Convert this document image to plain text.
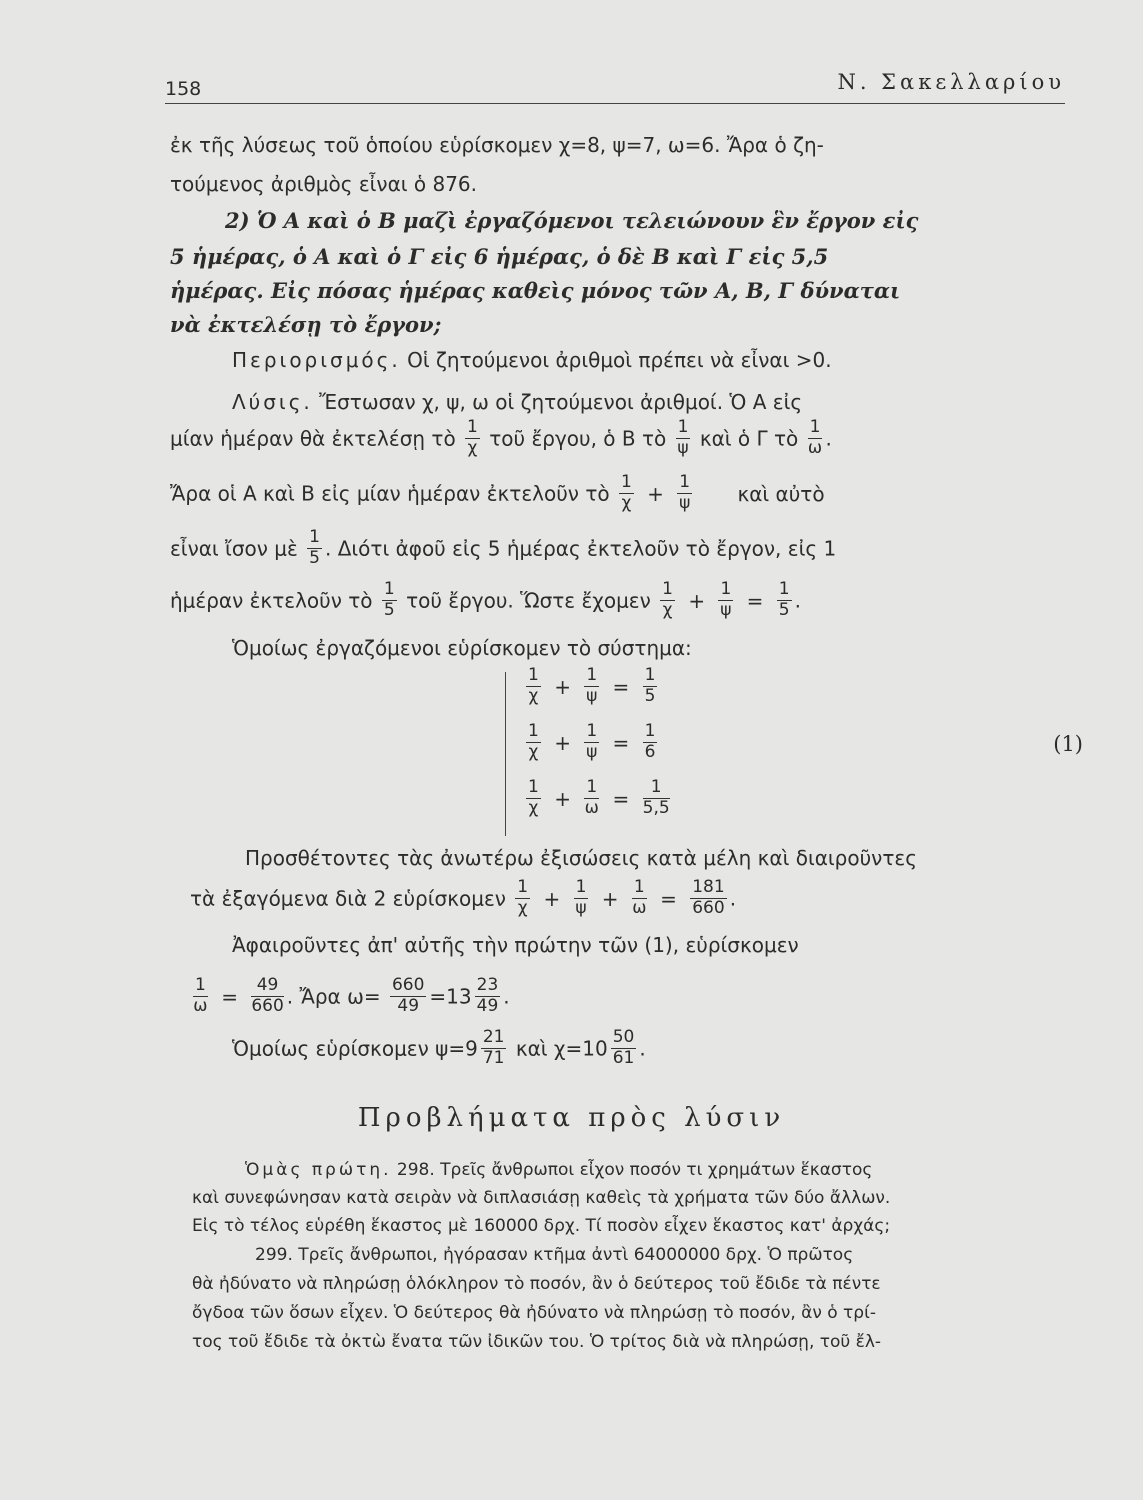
158	Ν. Σακελλαρίου
ἐκ τῆς λύσεως τοῦ ὁποίου εὑρίσκομεν χ=8, ψ=7, ω=6. Ἄρα ὁ ζη-
τούμενος ἀριθμὸς εἶναι ὁ 876.
2) Ὁ Α καὶ ὁ Β μαζὶ ἐργαζόμενοι τελειώνουν ἓν ἔργον εἰς
5 ἡμέρας, ὁ Α καὶ ὁ Γ εἰς 6 ἡμέρας, ὁ δὲ Β καὶ Γ εἰς 5,5
ἡμέρας. Εἰς πόσας ἡμέρας καθεὶς μόνος τῶν Α, Β, Γ δύναται
νὰ ἐκτελέσῃ τὸ ἔργον;
Περιορισμός. Οἱ ζητούμενοι ἀριθμοὶ πρέπει νὰ εἶναι >0.
Λύσις. Ἔστωσαν χ, ψ, ω οἱ ζητούμενοι ἀριθμοί. Ὁ Α εἰς
μίαν ἡμέραν θὰ ἐκτελέσῃ τὸ $\frac{1}{\chi}$ τοῦ ἔργου, ὁ Β τὸ $\frac{1}{\psi}$ καὶ ὁ Γ τὸ $\frac{1}{\omega}$ .
Ἄρα οἱ Α καὶ Β εἰς μίαν ἡμέραν ἐκτελοῦν τὸ $\frac{1}{\chi} + \frac{1}{\psi}$ καὶ αὐτὸ
εἶναι ἴσον μὲ $\frac{1}{5}$ . Διότι ἀφοῦ εἰς 5 ἡμέρας ἐκτελοῦν τὸ ἔργον, εἰς 1
ἡμέραν ἐκτελοῦν τὸ $\frac{1}{5}$ τοῦ ἔργου. Ὥστε ἔχομεν $\frac{1}{\chi} + \frac{1}{\psi} = \frac{1}{5}$ .
Ὁμοίως ἐργαζόμενοι εὑρίσκομεν τὸ σύστημα:
$\frac{1}{\chi} + \frac{1}{\psi} = \frac{1}{5}$
$\frac{1}{\chi} + \frac{1}{\psi} = \frac{1}{6}$
$\frac{1}{\chi} + \frac{1}{\omega} = \frac{1}{5,5}$
(1)
Προσθέτοντες τὰς ἀνωτέρω ἐξισώσεις κατὰ μέλη καὶ διαιροῦντες
τὰ ἐξαγόμενα διὰ 2 εὑρίσκομεν $\frac{1}{\chi} + \frac{1}{\psi} + \frac{1}{\omega} = \frac{181}{660}$ .
Ἀφαιροῦντες ἀπ' αὐτῆς τὴν πρώτην τῶν (1), εὑρίσκομεν
$\frac{1}{\omega} = \frac{49}{660}$ . Ἄρα $\omega= \frac{660}{49} =13 \frac{23}{49}$ .
Ὁμοίως εὑρίσκομεν $\psi=9 \frac{21}{71}$ καὶ $\chi=10 \frac{50}{61}$ .
Προβλήματα πρὸς λύσιν
Ὁμὰς πρώτη. 298. Τρεῖς ἄνθρωποι εἶχον ποσόν τι χρημάτων ἕκαστος
καὶ συνεφώνησαν κατὰ σειρὰν νὰ διπλασιάσῃ καθεὶς τὰ χρήματα τῶν δύο ἄλλων.
Εἰς τὸ τέλος εὑρέθη ἕκαστος μὲ 160000 δρχ. Τί ποσὸν εἶχεν ἕκαστος κατ' ἀρχάς;
299. Τρεῖς ἄνθρωποι, ἠγόρασαν κτῆμα ἀντὶ 64000000 δρχ. Ὁ πρῶτος
θὰ ἠδύνατο νὰ πληρώσῃ ὁλόκληρον τὸ ποσόν, ἂν ὁ δεύτερος τοῦ ἔδιδε τὰ πέντε
ὄγδοα τῶν ὅσων εἶχεν. Ὁ δεύτερος θὰ ἠδύνατο νὰ πληρώσῃ τὸ ποσόν, ἂν ὁ τρί-
τος τοῦ ἔδιδε τὰ ὀκτὼ ἔνατα τῶν ἰδικῶν του. Ὁ τρίτος διὰ νὰ πληρώσῃ, τοῦ ἔλ-
